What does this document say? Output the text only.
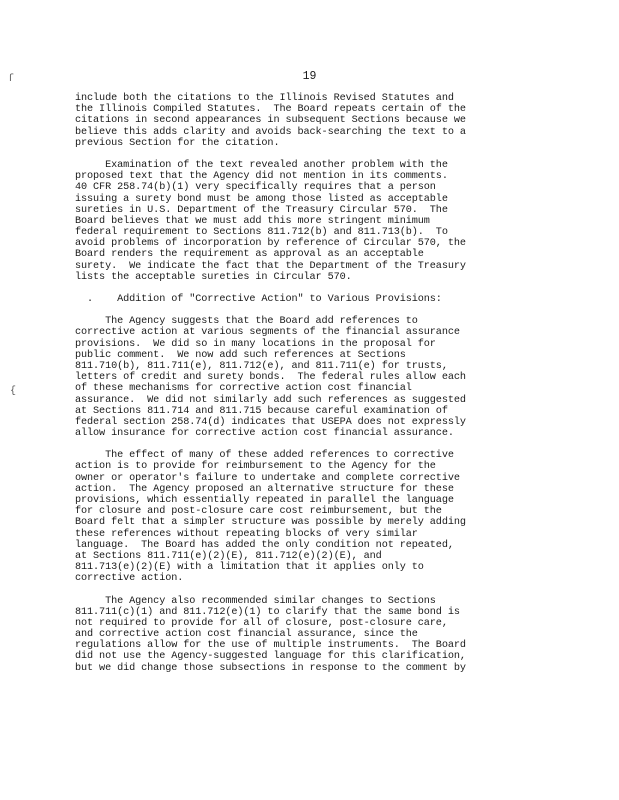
ſ
{
19
include both the citations to the Illinois Revised Statutes and
the Illinois Compiled Statutes.  The Board repeats certain of the
citations in second appearances in subsequent Sections because we
believe this adds clarity and avoids back-searching the text to a
previous Section for the citation.
Examination of the text revealed another problem with the
proposed text that the Agency did not mention in its comments.
40 CFR 258.74(b)(1) very specifically requires that a person
issuing a surety bond must be among those listed as acceptable
sureties in U.S. Department of the Treasury Circular 570.  The
Board believes that we must add this more stringent minimum
federal requirement to Sections 811.712(b) and 811.713(b).  To
avoid problems of incorporation by reference of Circular 570, the
Board renders the requirement as approval as an acceptable
surety.  We indicate the fact that the Department of the Treasury
lists the acceptable sureties in Circular 570.
.    Addition of "Corrective Action" to Various Provisions:
The Agency suggests that the Board add references to
corrective action at various segments of the financial assurance
provisions.  We did so in many locations in the proposal for
public comment.  We now add such references at Sections
811.710(b), 811.711(e), 811.712(e), and 811.711(e) for trusts,
letters of credit and surety bonds.  The federal rules allow each
of these mechanisms for corrective action cost financial
assurance.  We did not similarly add such references as suggested
at Sections 811.714 and 811.715 because careful examination of
federal section 258.74(d) indicates that USEPA does not expressly
allow insurance for corrective action cost financial assurance.
The effect of many of these added references to corrective
action is to provide for reimbursement to the Agency for the
owner or operator's failure to undertake and complete corrective
action.  The Agency proposed an alternative structure for these
provisions, which essentially repeated in parallel the language
for closure and post-closure care cost reimbursement, but the
Board felt that a simpler structure was possible by merely adding
these references without repeating blocks of very similar
language.  The Board has added the only condition not repeated,
at Sections 811.711(e)(2)(E), 811.712(e)(2)(E), and
811.713(e)(2)(E) with a limitation that it applies only to
corrective action.
The Agency also recommended similar changes to Sections
811.711(c)(1) and 811.712(e)(1) to clarify that the same bond is
not required to provide for all of closure, post-closure care,
and corrective action cost financial assurance, since the
regulations allow for the use of multiple instruments.  The Board
did not use the Agency-suggested language for this clarification,
but we did change those subsections in response to the comment by
